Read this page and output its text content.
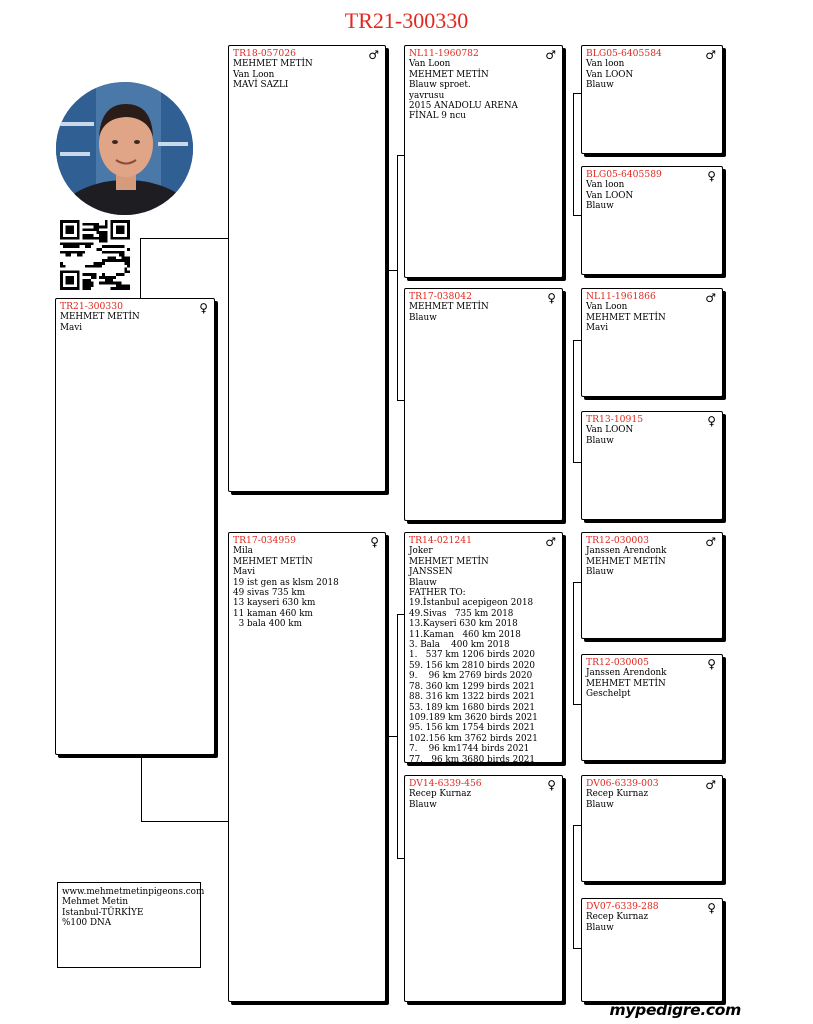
TR21-300330
TR21-300330	♀
MEHMET METİN
Mavi
TR18-057026	♂
MEHMET METİN
Van Loon
MAVİ SAZLI
TR17-034959	♀
Mila
MEHMET METİN
Mavi
19 ist gen as klsm 2018
49 sivas 735 km
13 kayseri 630 km
11 kaman 460 km
3 bala 400 km
NL11-1960782	♂
Van Loon
MEHMET METİN
Blauw sproet.
yavrusu
2015 ANADOLU ARENA
FİNAL 9 ncu
TR17-038042	♀
MEHMET METİN
Blauw
TR14-021241	♂
Joker
MEHMET METİN
JANSSEN
Blauw
FATHER TO:
19.İstanbul acepigeon 2018
49.Sivas   735 km 2018
13.Kayseri 630 km 2018
11.Kaman   460 km 2018
3. Bala    400 km 2018
1.   537 km 1206 birds 2020
59. 156 km 2810 birds 2020
9.    96 km 2769 birds 2020
78. 360 km 1299 birds 2021
88. 316 km 1322 birds 2021
53. 189 km 1680 birds 2021
109.189 km 3620 birds 2021
95. 156 km 1754 birds 2021
102.156 km 3762 birds 2021
7.    96 km1744 birds 2021
77.   96 km 3680 birds 2021
DV14-6339-456	♀
Recep Kurnaz
Blauw
BLG05-6405584	♂
Van loon
Van LOON
Blauw
BLG05-6405589	♀
Van loon
Van LOON
Blauw
NL11-1961866	♂
Van Loon
MEHMET METİN
Mavi
TR13-10915	♀
Van LOON
Blauw
TR12-030003	♂
Janssen Arendonk
MEHMET METİN
Blauw
TR12-030005	♀
Janssen Arendonk
MEHMET METİN
Geschelpt
DV06-6339-003	♂
Recep Kurnaz
Blauw
DV07-6339-288	♀
Recep Kurnaz
Blauw
www.mehmetmetinpigeons.com
Mehmet Metin
Istanbul-TÜRKİYE
%100 DNA
mypedigre.com
